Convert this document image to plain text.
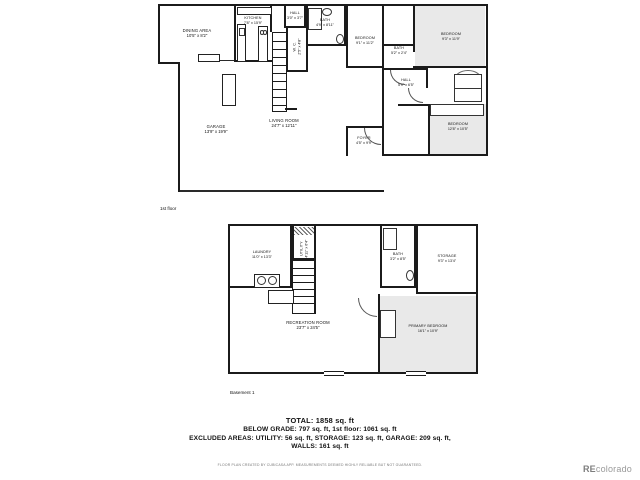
DINING AREA
10'5" x 8'2"
KITCHEN
7'8" x 15'9"
HALL
3'0" x 3'7"
BATH
4'9" x 8'11"
W. C. 2'5" x 4'8"
BEDROOM
9'1" x 11'2"
BEDROOM
9'3" x 11'9"
BATH
5'2" x 2'4"
HALL
5'9" x 6'5"
BEDROOM
12'8" x 10'5"
LIVING ROOM
24'7" x 12'11"
FOYER
4'5" x 9'9"
GARAGE
13'9" x 19'9"
1st floor
LAUNDRY
11'0" x 13'3"
UTILITY 4'11" x 6'4"	BATH
3'2" x 8'5"
STORAGE
9'3" x 13'4"
RECREATION ROOM
23'7" x 24'5"	PRIMARY BEDROOM
16'1" x 10'9"
Basement 1
TOTAL: 1858 sq. ft
BELOW GRADE: 797 sq. ft, 1st floor: 1061 sq. ft
EXCLUDED AREAS: UTILITY: 56 sq. ft, STORAGE: 123 sq. ft, GARAGE: 209 sq. ft,
WALLS: 161 sq. ft
FLOOR PLAN CREATED BY CUBICASA APP. MEASUREMENTS DEEMED HIGHLY RELIABLE BUT NOT GUARANTEED.	REcolorado
